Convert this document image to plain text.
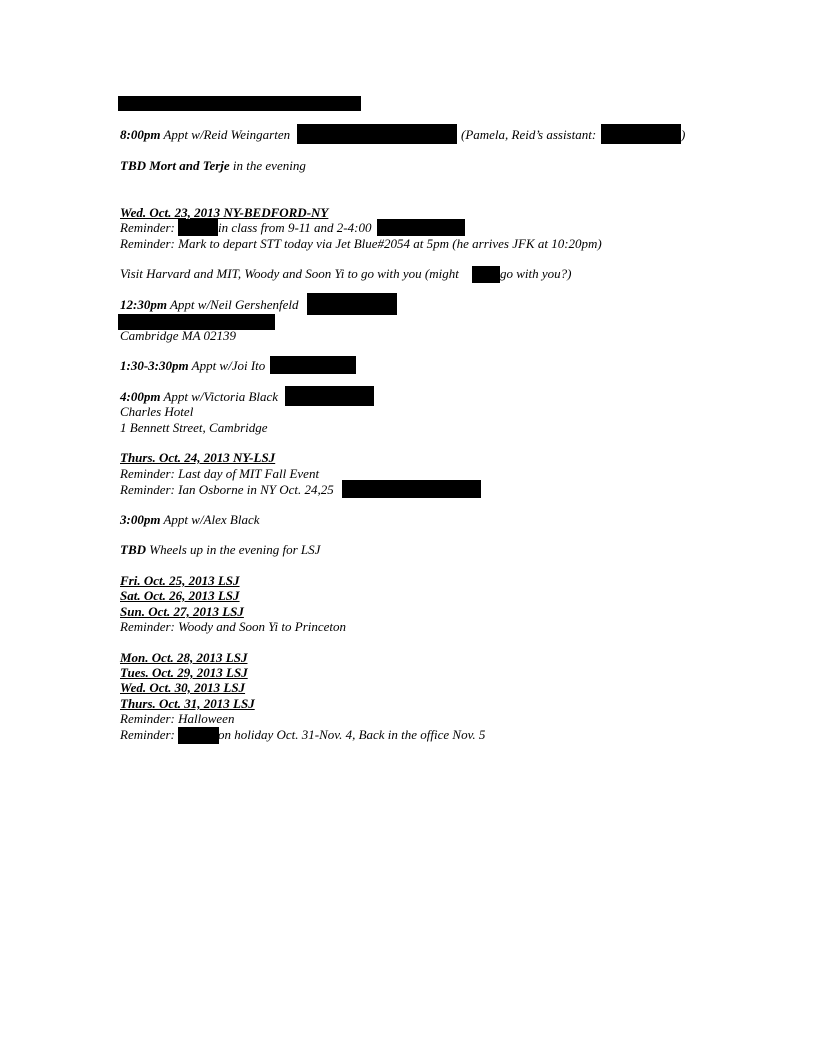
8:00pm Appt w/Reid Weingarten	(Pamela, Reid’s assistant:	)
TBD Mort and Terje in the evening
Wed. Oct. 23, 2013 NY-BEDFORD-NY
Reminder:	in class from 9-11 and 2-4:00
Reminder: Mark to depart STT today via Jet Blue#2054 at 5pm (he arrives JFK at 10:20pm)
Visit Harvard and MIT, Woody and Soon Yi to go with you (might	go with you?)
12:30pm Appt w/Neil Gershenfeld
Cambridge MA 02139
1:30-3:30pm Appt w/Joi Ito
4:00pm Appt w/Victoria Black
Charles Hotel
1 Bennett Street, Cambridge
Thurs. Oct. 24, 2013 NY-LSJ
Reminder: Last day of MIT Fall Event
Reminder: Ian Osborne in NY Oct. 24,25
3:00pm Appt w/Alex Black
TBD Wheels up in the evening for LSJ
Fri. Oct. 25, 2013 LSJ
Sat. Oct. 26, 2013 LSJ
Sun. Oct. 27, 2013 LSJ
Reminder: Woody and Soon Yi to Princeton
Mon. Oct. 28, 2013 LSJ
Tues. Oct. 29, 2013 LSJ
Wed. Oct. 30, 2013 LSJ
Thurs. Oct. 31, 2013 LSJ
Reminder: Halloween
Reminder:	on holiday Oct. 31-Nov. 4, Back in the office Nov. 5
